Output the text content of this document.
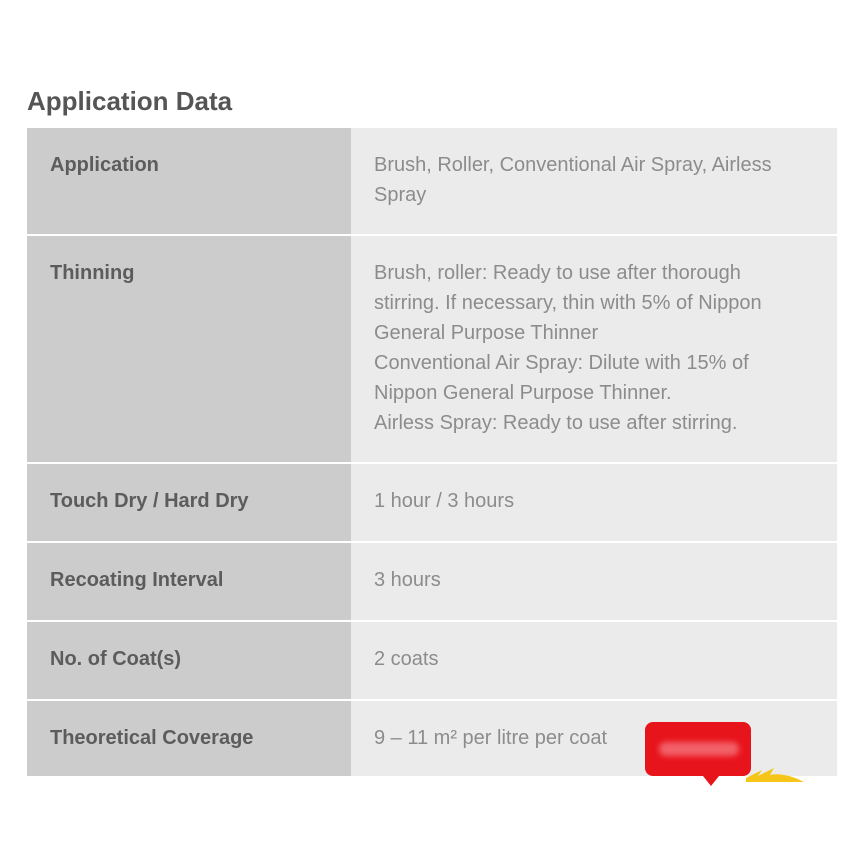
Application Data
Application	Brush, Roller, Conventional Air Spray, Airless
Spray
Thinning	Brush, roller: Ready to use after thorough
stirring. If necessary, thin with 5% of Nippon
General Purpose Thinner
Conventional Air Spray: Dilute with 15% of
Nippon General Purpose Thinner.
Airless Spray: Ready to use after stirring.
Touch Dry / Hard Dry	1 hour / 3 hours
Recoating Interval	3 hours
No. of Coat(s)	2 coats
Theoretical Coverage	9 – 11 m² per litre per coat
